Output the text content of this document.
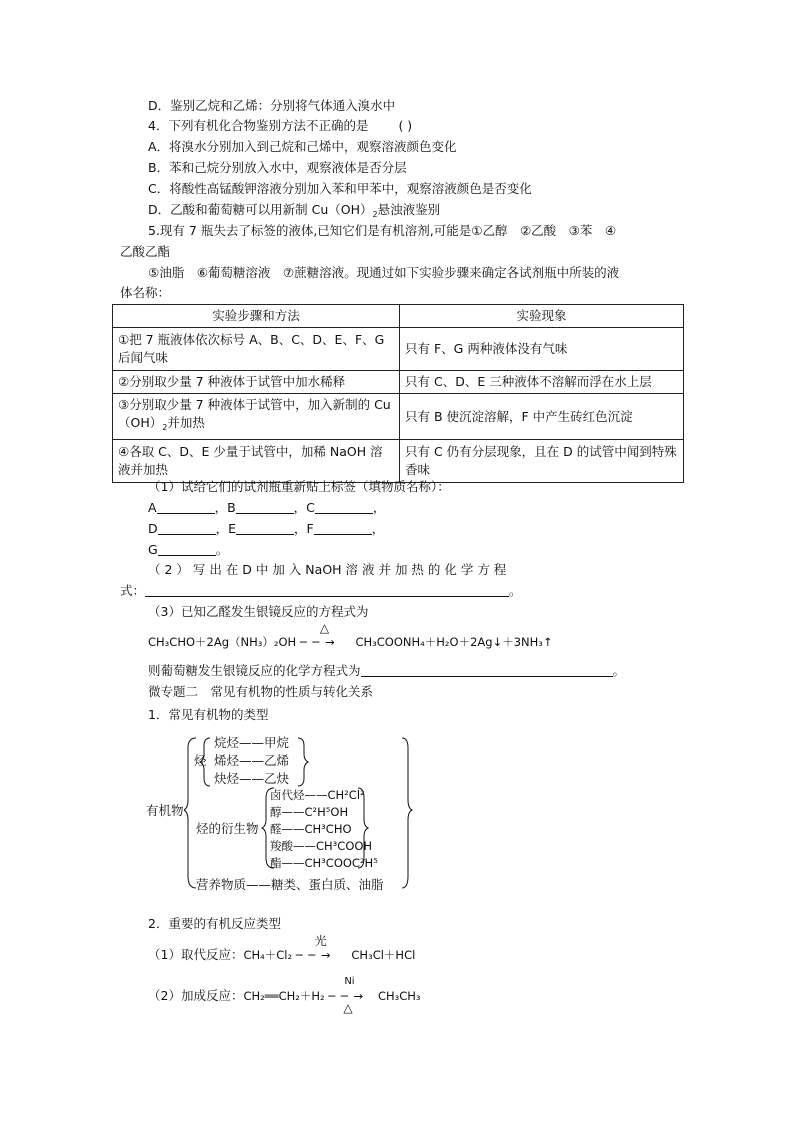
D．鉴别乙烷和乙烯：分别将气体通入溴水中
4．下列有机化合物鉴别方法不正确的是 ( )
A．将溴水分别加入到己烷和己烯中，观察溶液颜色变化
B．苯和己烷分别放入水中，观察液体是否分层
C．将酸性高锰酸钾溶液分别加入苯和甲苯中，观察溶液颜色是否变化
D．乙酸和葡萄糖可以用新制 $Cu(OH)_2$悬浊液鉴别
5.现有 7 瓶失去了标签的液体,已知它们是有机溶剂,可能是①乙醇　②乙酸　③苯　④
乙酸乙酯
⑤油脂　⑥葡萄糖溶液　⑦蔗糖溶液。现通过如下实验步骤来确定各试剂瓶中所装的液
体名称：
实验步骤和方法	实验现象
①把 7 瓶液体依次标号 A、B、C、D、E、F、G 后闻气味	只有 F、G 两种液体没有气味
②分别取少量 7 种液体于试管中加水稀释	只有 C、D、E 三种液体不溶解而浮在水上层
③分别取少量 7 种液体于试管中，加入新制的 $Cu(OH)_2$并加热	只有 B 使沉淀溶解，F 中产生砖红色沉淀
④各取 C、D、E 少量于试管中，加稀 NaOH 溶液并加热	只有 C 仍有分层现象，且在 D 的试管中闻到特殊香味
（1）试给它们的试剂瓶重新贴上标签（填物质名称）：
A	，B	，C	，
D	，E	，F	，
G	。
（ 2 ） 写 出 在 D 中 加 入 NaOH 溶 液 并 加 热 的 化 学 方 程
式：	。
（3）已知乙醛发生银镜反应的方程式为
CH₃CHO＋2Ag（NH₃）₂OH
△
─ ─ → CH₃COONH₄＋H₂O＋2Ag↓＋3NH₃↑
则葡萄糖发生银镜反应的化学方程式为	。
微专题二　常见有机物的性质与转化关系
1．常见有机物的类型
有机物
烃
烷烃——甲烷
烯烃——乙烯
炔烃——乙炔
烃的衍生物
卤代烃——CH²Cl²
醇——C²H⁵OH
醛——CH³CHO
羧酸——CH³COOH
酯——CH³COOC²H⁵
营养物质——糖类、蛋白质、油脂
2．重要的有机反应类型
（1）取代反应：CH₄＋Cl₂
光
─ ─ → CH₃Cl＋HCl
（2）加成反应：CH₂══CH₂＋H₂
Ni
─ ─ →
△
CH₃CH₃
